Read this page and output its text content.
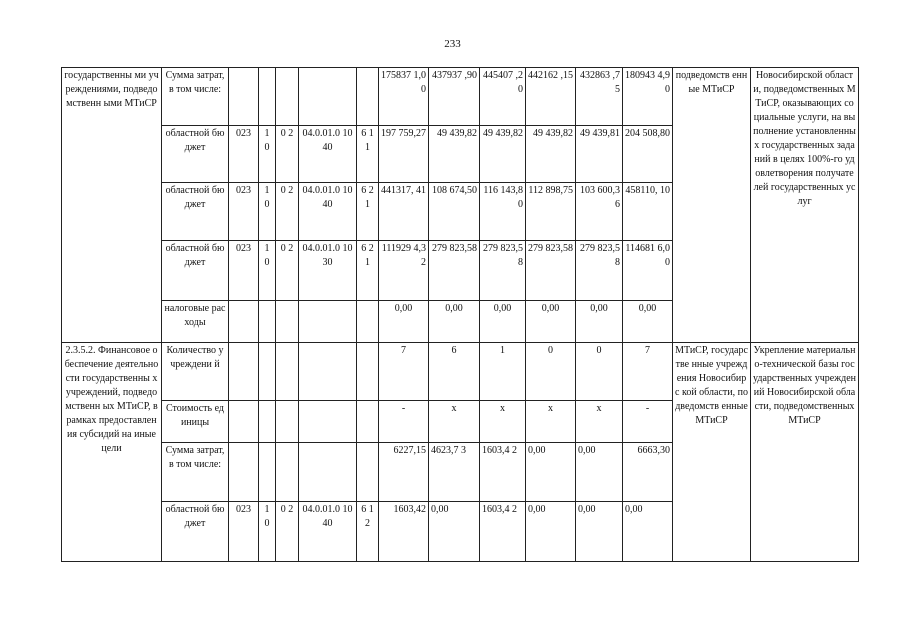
233
государственны ми учреждениями, подведомственн ыми МТиСР	Сумма затрат, в том числе:						175837 1,00	437937 ,90	445407 ,20	442162 ,15	432863 ,75	180943 4,90	подведомств енные МТиСР	Новосибирской области, подведомственных МТиСР, оказывающих социальные услуги, на выполнение установленных государственных заданий в целях 100%-го удовлетворения получателей государственных услуг
	областной бюджет	023	1 0	0 2	04.0.01.0 1040	6 1 1	197 759,27	49 439,82	49 439,82	49 439,82	49 439,81	204 508,80		
	областной бюджет	023	1 0	0 2	04.0.01.0 1040	6 2 1	441317, 41	108 674,50	116 143,80	112 898,75	103 600,36	458110, 10		
	областной бюджет	023	1 0	0 2	04.0.01.0 1030	6 2 1	111929 4,32	279 823,58	279 823,58	279 823,58	279 823,58	114681 6,00		
	налоговые расходы						0,00	0,00	0,00	0,00	0,00	0,00		
2.3.5.2. Финансовое обеспечение деятельности государственны х учреждений, подведомственн ых МТиСР, в рамках предоставления субсидий на иные цели	Количество учреждени й						7	6	1	0	0	7	МТиСР, государстве нные учреждения Новосибирс кой области, подведомств енные МТиСР	Укрепление материально-технической базы государственных учреждений Новосибирской области, подведомственных МТиСР
	Стоимость единицы						-	х	х	х	х	-		
	Сумма затрат, в том числе:						6227,15	4623,7 3	1603,4 2	0,00	0,00	6663,30		
	областной бюджет	023	1 0	0 2	04.0.01.0 1040	6 1 2	1603,42	0,00	1603,4 2	0,00	0,00	0,00		
